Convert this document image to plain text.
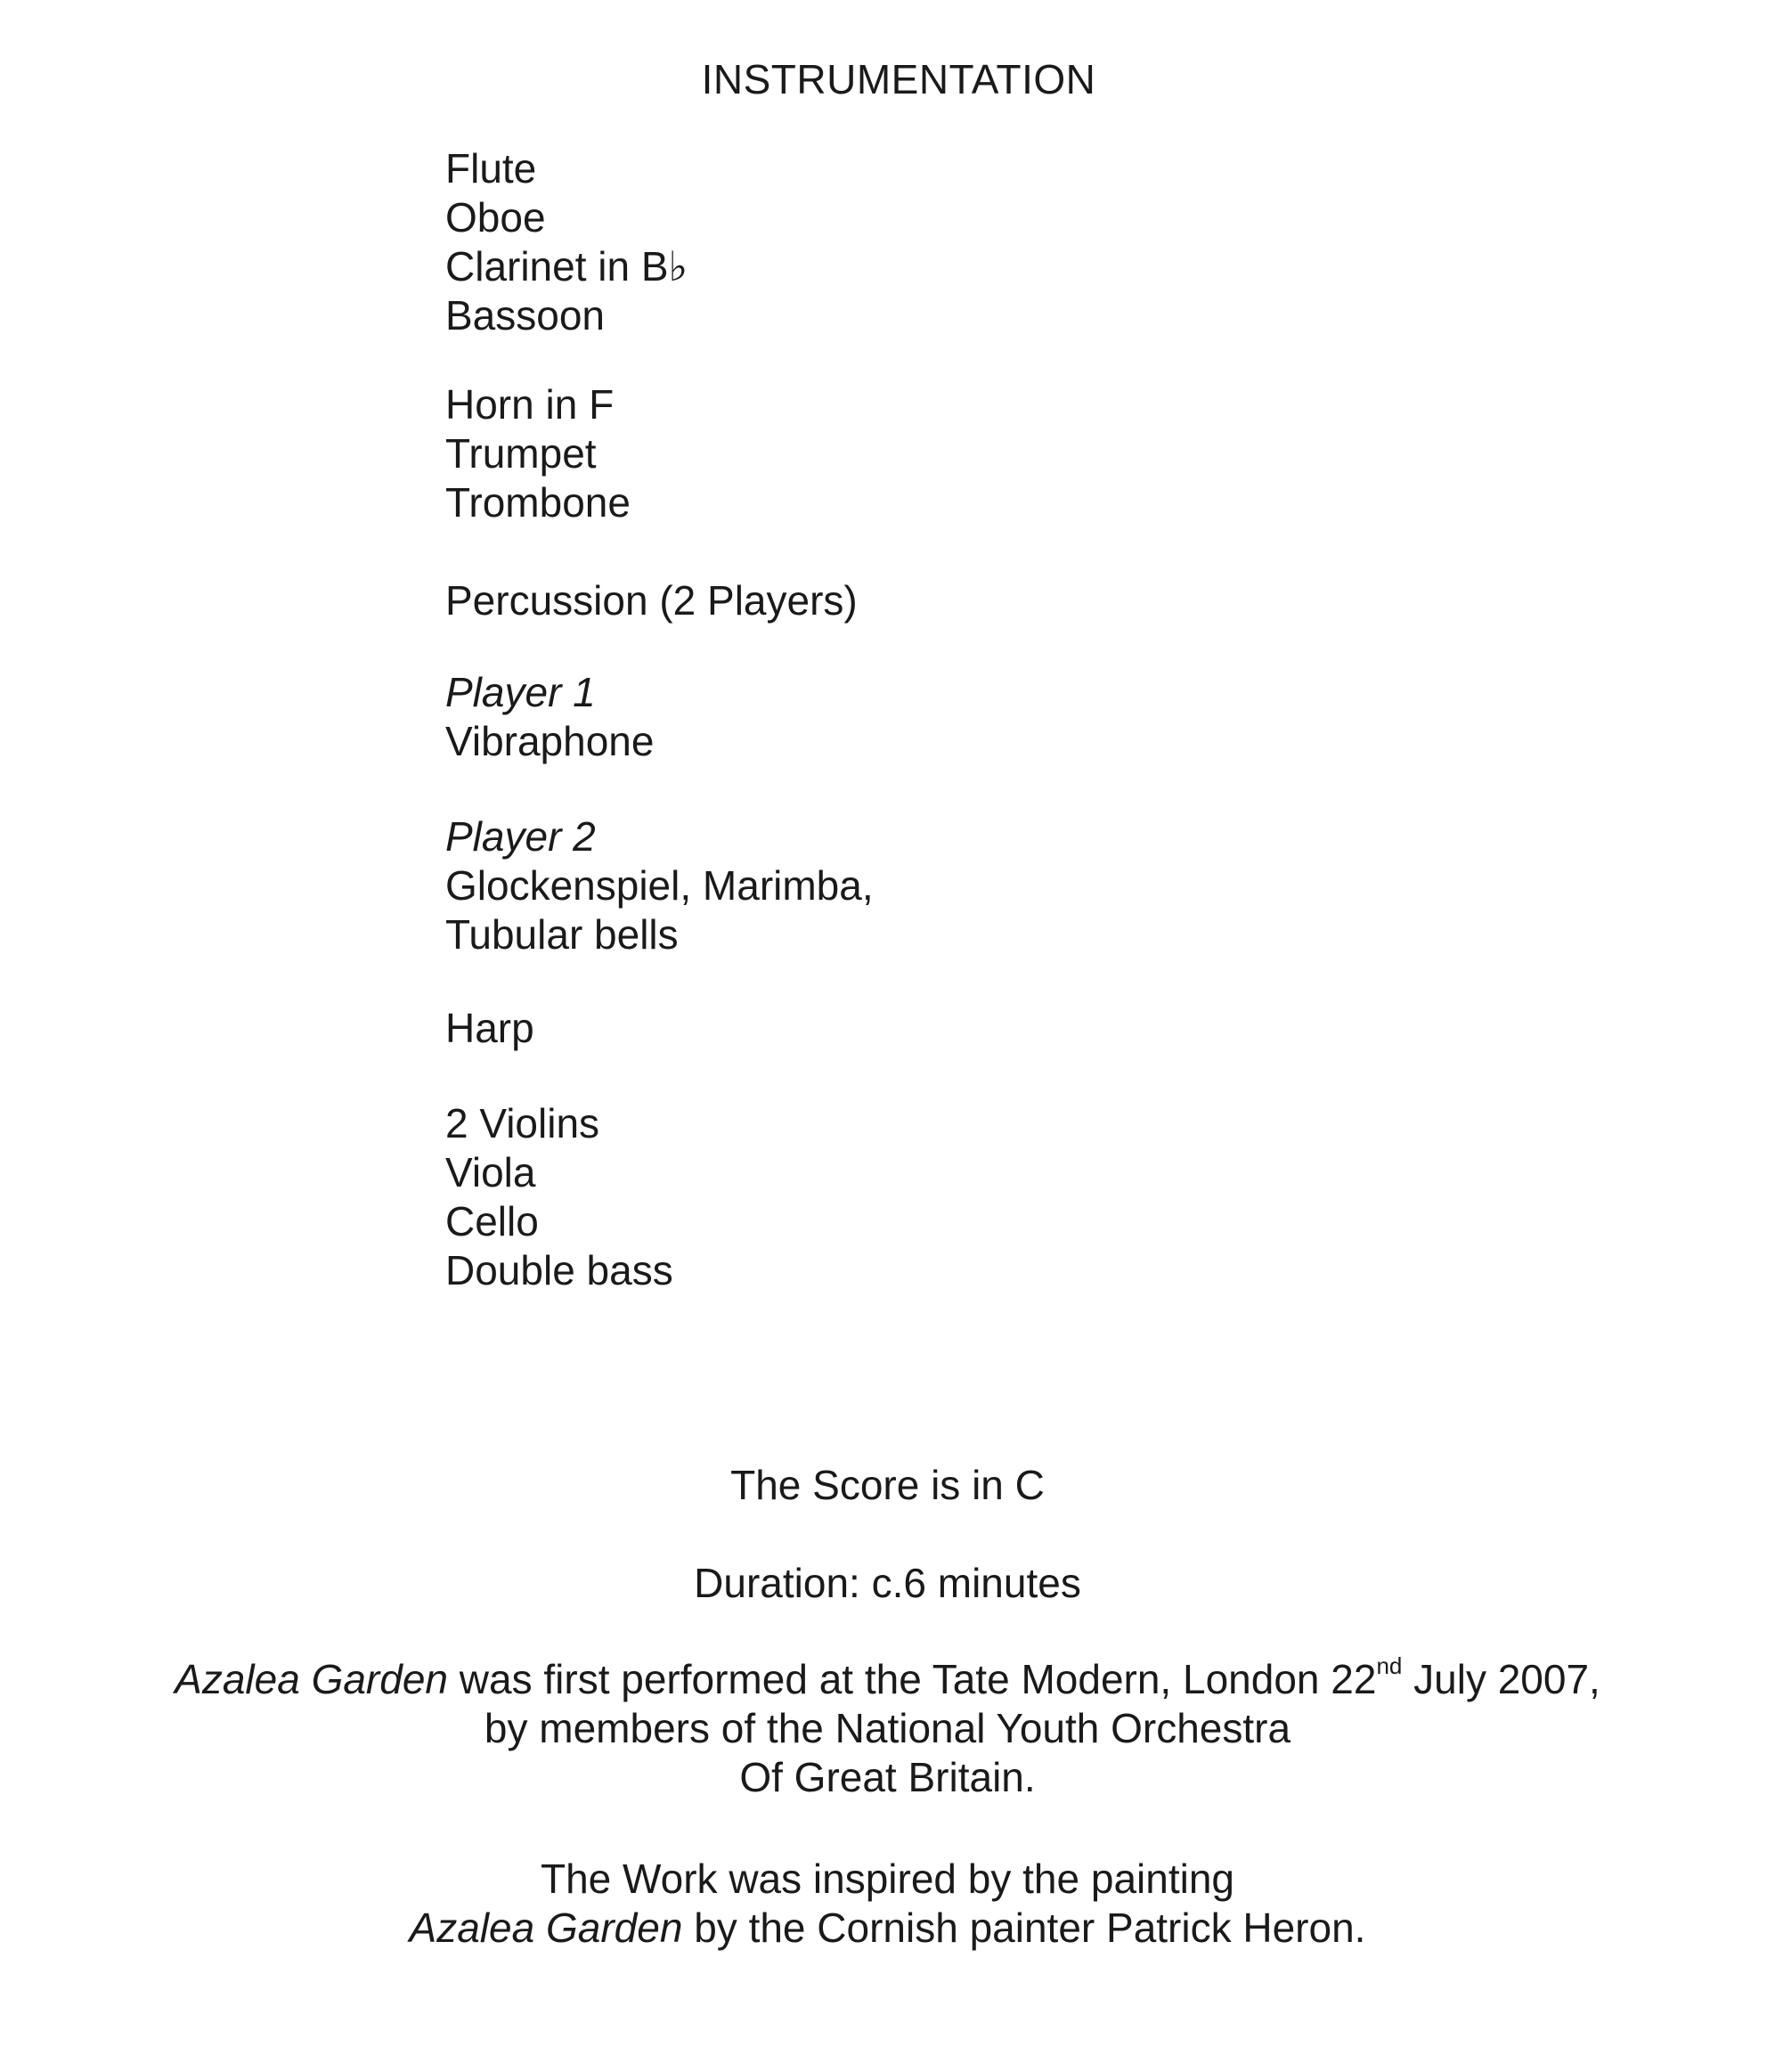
INSTRUMENTATION
Flute
Oboe
Clarinet in B♭
Bassoon
Horn in F
Trumpet
Trombone
Percussion (2 Players)
Player 1
Vibraphone
Player 2
Glockenspiel, Marimba,
Tubular bells
Harp
2 Violins
Viola
Cello
Double bass
The Score is in C
Duration: c.6 minutes
Azalea Garden was first performed at the Tate Modern, London 22nd July 2007,
by members of the National Youth Orchestra
Of Great Britain.
The Work was inspired by the painting
Azalea Garden by the Cornish painter Patrick Heron.
